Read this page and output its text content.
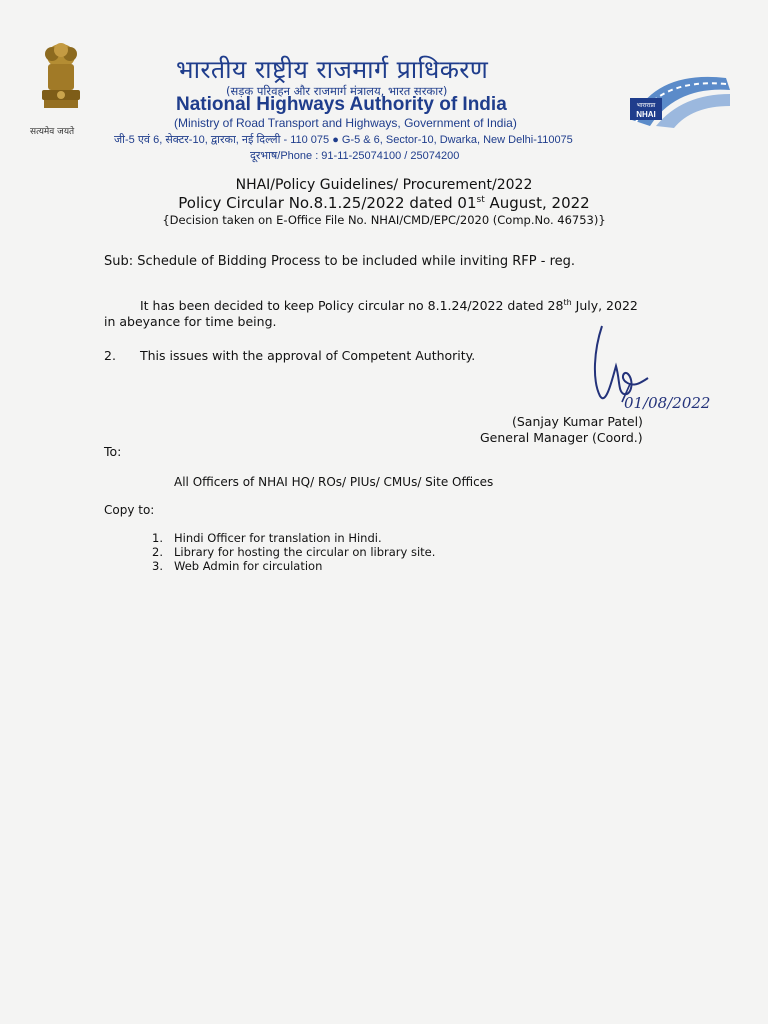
सत्यमेव जयते
भारतीय राष्ट्रीय राजमार्ग प्राधिकरण
(सड़क परिवहन और राजमार्ग मंत्रालय, भारत सरकार)
National Highways Authority of India
(Ministry of Road Transport and Highways, Government of India)
जी-5 एवं 6, सेक्टर-10, द्वारका, नई दिल्ली - 110 075 ● G-5 & 6, Sector-10, Dwarka, New Delhi-110075
दूरभाष/Phone : 91-11-25074100 / 25074200
भाराराप्रा
NHAI
NHAI/Policy Guidelines/ Procurement/2022
Policy Circular No.8.1.25/2022 dated 01st August, 2022
{Decision taken on E-Office File No. NHAI/CMD/EPC/2020 (Comp.No. 46753)}
Sub: Schedule of Bidding Process to be included while inviting RFP - reg.
It has been decided to keep Policy circular no 8.1.24/2022 dated 28th July, 2022
in abeyance for time being.
2. This issues with the approval of Competent Authority.
01/08/2022
(Sanjay Kumar Patel)
General Manager (Coord.)
To:
All Officers of NHAI HQ/ ROs/ PIUs/ CMUs/ Site Offices
Copy to:
1. Hindi Officer for translation in Hindi.
2. Library for hosting the circular on library site.
3. Web Admin for circulation
